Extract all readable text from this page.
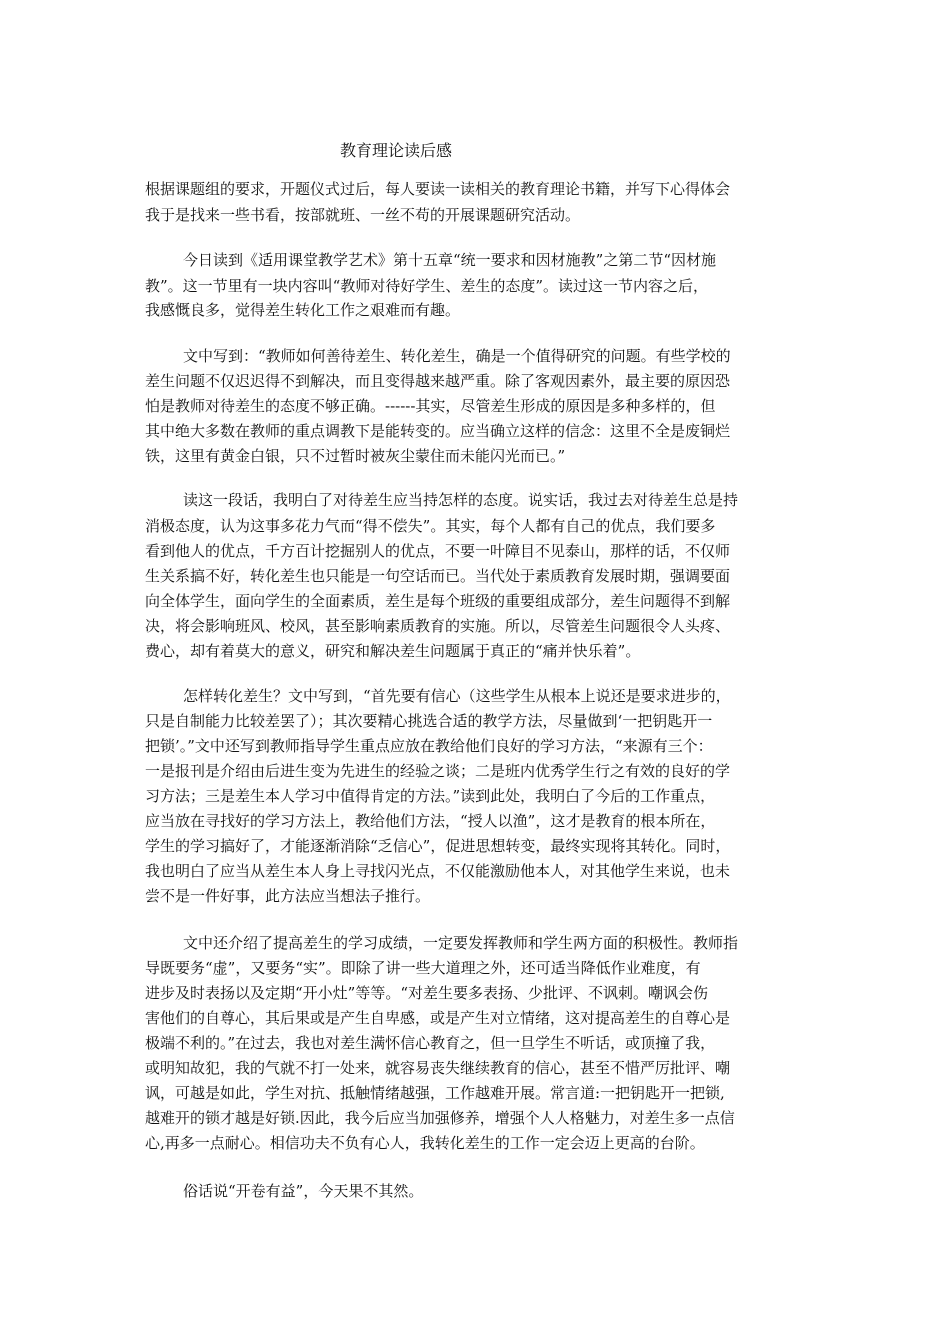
教育理论读后感

根据课题组的要求，开题仪式过后，每人要读一读相关的教育理论书籍，并写下心得体会

我于是找来一些书看，按部就班、一丝不苟的开展课题研究活动。

今日读到《适用课堂教学艺术》第十五章“统一要求和因材施教”之第二节“因材施

教”。这一节里有一块内容叫“教师对待好学生、差生的态度”。读过这一节内容之后，

我感慨良多，觉得差生转化工作之艰难而有趣。

文中写到：“教师如何善待差生、转化差生，确是一个值得研究的问题。有些学校的

差生问题不仅迟迟得不到解决，而且变得越来越严重。除了客观因素外，最主要的原因恐

怕是教师对待差生的态度不够正确。------其实，尽管差生形成的原因是多种多样的，但

其中绝大多数在教师的重点调教下是能转变的。应当确立这样的信念：这里不全是废铜烂

铁，这里有黄金白银，只不过暂时被灰尘蒙住而未能闪光而已。”

读这一段话，我明白了对待差生应当持怎样的态度。说实话，我过去对待差生总是持

消极态度，认为这事多花力气而“得不偿失”。其实，每个人都有自己的优点，我们要多

看到他人的优点，千方百计挖掘别人的优点，不要一叶障目不见泰山，那样的话，不仅师

生关系搞不好，转化差生也只能是一句空话而已。当代处于素质教育发展时期，强调要面

向全体学生，面向学生的全面素质，差生是每个班级的重要组成部分，差生问题得不到解

决，将会影响班风、校风，甚至影响素质教育的实施。所以，尽管差生问题很令人头疼、

费心，却有着莫大的意义，研究和解决差生问题属于真正的“痛并快乐着”。

怎样转化差生？文中写到，“首先要有信心（这些学生从根本上说还是要求进步的，

只是自制能力比较差罢了）；其次要精心挑选合适的教学方法，尽量做到‘一把钥匙开一

把锁’。”文中还写到教师指导学生重点应放在教给他们良好的学习方法，“来源有三个：

一是报刊是介绍由后进生变为先进生的经验之谈；二是班内优秀学生行之有效的良好的学

习方法；三是差生本人学习中值得肯定的方法。”读到此处，我明白了今后的工作重点，

应当放在寻找好的学习方法上，教给他们方法，“授人以渔”，这才是教育的根本所在，

学生的学习搞好了，才能逐渐消除“乏信心”，促进思想转变，最终实现将其转化。同时，

我也明白了应当从差生本人身上寻找闪光点，不仅能激励他本人，对其他学生来说，也未

尝不是一件好事，此方法应当想法子推行。

文中还介绍了提高差生的学习成绩，一定要发挥教师和学生两方面的积极性。教师指

导既要务“虚”，又要务“实”。即除了讲一些大道理之外，还可适当降低作业难度，有

进步及时表扬以及定期“开小灶”等等。“对差生要多表扬、少批评、不讽刺。嘲讽会伤

害他们的自尊心，其后果或是产生自卑感，或是产生对立情绪，这对提高差生的自尊心是

极端不利的。”在过去，我也对差生满怀信心教育之，但一旦学生不听话，或顶撞了我，

或明知故犯，我的气就不打一处来，就容易丧失继续教育的信心，甚至不惜严厉批评、嘲

讽，可越是如此，学生对抗、抵触情绪越强，工作越难开展。常言道:一把钥匙开一把锁,

越难开的锁才越是好锁.因此，我今后应当加强修养，增强个人人格魅力，对差生多一点信

心,再多一点耐心。相信功夫不负有心人，我转化差生的工作一定会迈上更高的台阶。

俗话说“开卷有益”，今天果不其然。
